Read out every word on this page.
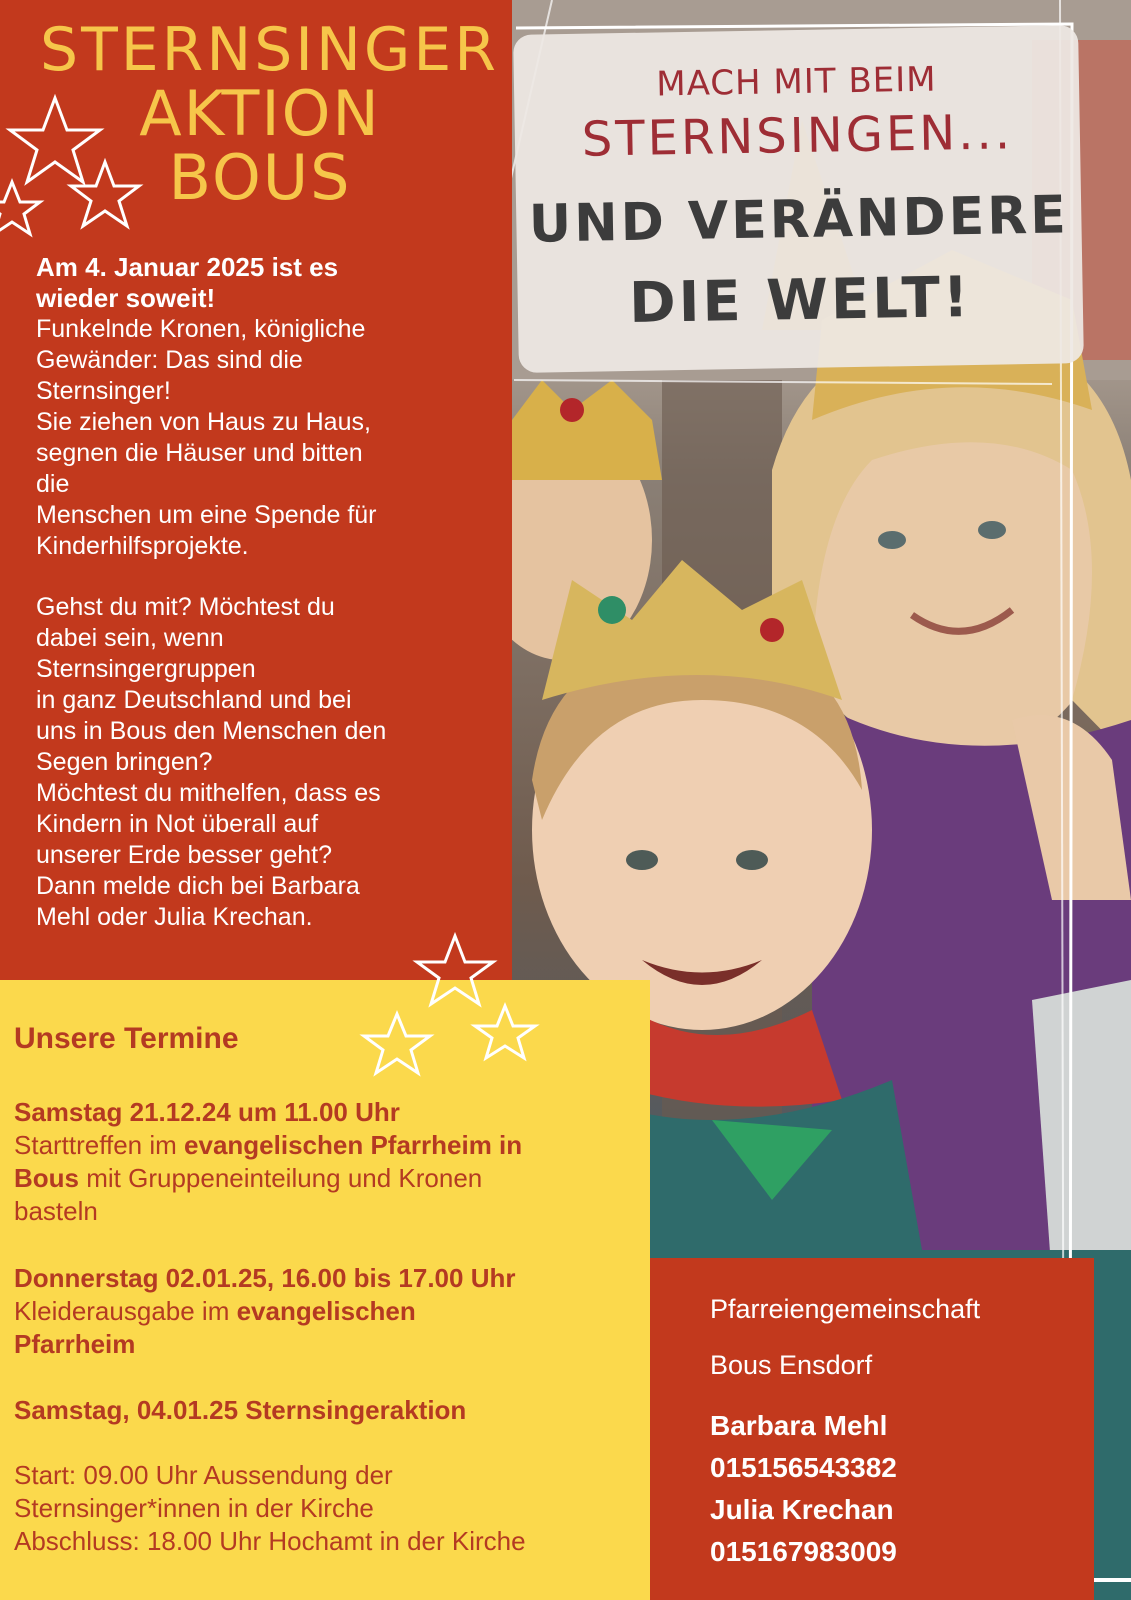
MACH MIT BEIM
STERNSINGEN...
UND VERÄNDERE
DIE WELT!
STERNSINGER
AKTION
BOUS

Am 4. Januar 2025 ist es

wieder soweit!

Funkelnde Kronen, königliche

Gewänder: Das sind die

Sternsinger!

Sie ziehen von Haus zu Haus,

segnen die Häuser und bitten

die

Menschen um eine Spende für

Kinderhilfsprojekte.

Gehst du mit? Möchtest du

dabei sein, wenn

Sternsingergruppen

in ganz Deutschland und bei

uns in Bous den Menschen den

Segen bringen?

Möchtest du mithelfen, dass es

Kindern in Not überall auf

unserer Erde besser geht?

Dann melde dich bei Barbara

Mehl oder Julia Krechan.

Unsere Termine
Samstag 21.12.24 um 11.00 Uhr
Starttreffen im evangelischen Pfarrheim in
Bous mit Gruppeneinteilung und Kronen
basteln
Donnerstag 02.01.25, 16.00 bis 17.00 Uhr
Kleiderausgabe im evangelischen
Pfarrheim
Samstag, 04.01.25 Sternsingeraktion
Start: 09.00 Uhr Aussendung der
Sternsinger*innen in der Kirche
Abschluss: 18.00 Uhr Hochamt in der Kirche
Pfarreiengemeinschaft
Bous Ensdorf
Barbara Mehl
015156543382
Julia Krechan
015167983009
